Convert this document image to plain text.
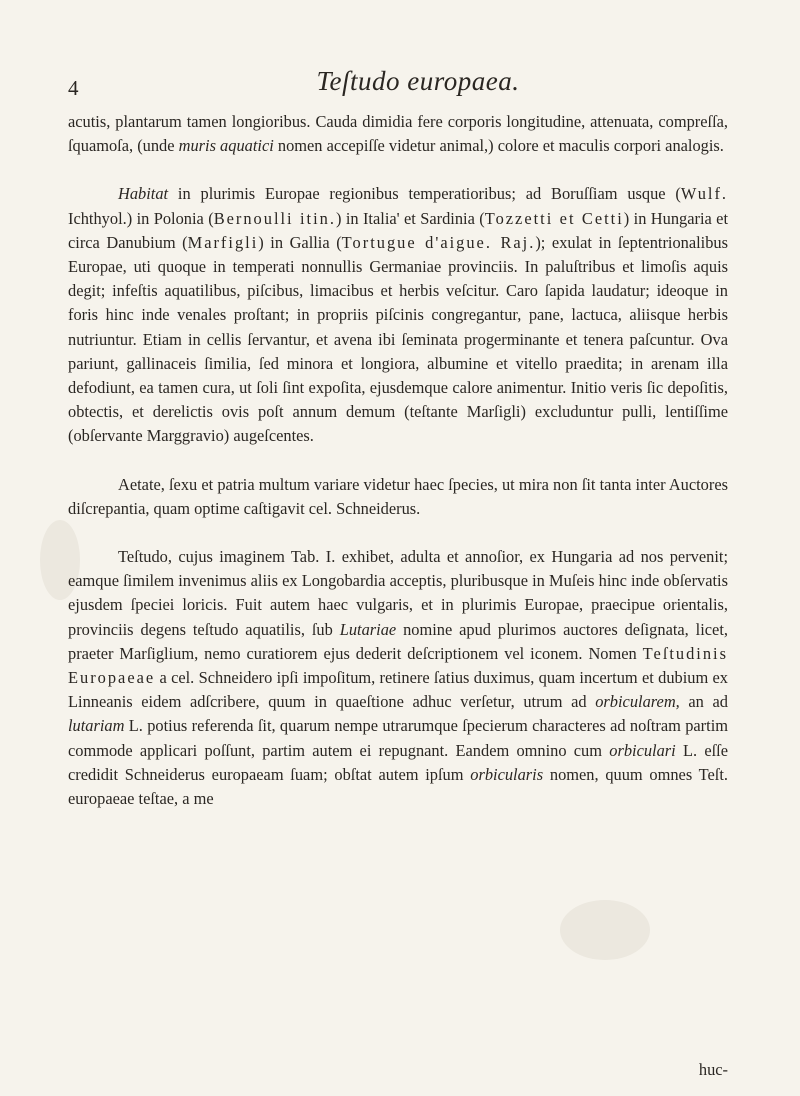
4	Teſtudo europaea.

acutis, plantarum tamen longioribus. Cauda dimidia fere corporis longitudine, attenuata, compreſſa, ſquamoſa, (unde muris aquatici nomen accepiſſe videtur animal,) colore et maculis corpori analogis.

Habitat in plurimis Europae regionibus temperatioribus; ad Boruſſiam usque (Wulf. Ichthyol.) in Polonia (Bernoulli itin.) in Italia' et Sardinia (Tozzetti et Cetti) in Hungaria et circa Danubium (Marfigli) in Gallia (Tortugue d'aigue. Raj.); exulat in ſeptentrionalibus Europae, uti quoque in temperati nonnullis Germaniae provinciis. In paluſtribus et limoſis aquis degit; infeſtis aquatilibus, piſcibus, limacibus et herbis veſcitur. Caro ſapida laudatur; ideoque in foris hinc inde venales proſtant; in propriis piſcinis congregantur, pane, lactuca, aliisque herbis nutriuntur. Etiam in cellis ſervantur, et avena ibi ſeminata progerminante et tenera paſcuntur. Ova pariunt, gallinaceis ſimilia, ſed minora et longiora, albumine et vitello praedita; in arenam illa defodiunt, ea tamen cura, ut ſoli ſint expoſita, ejusdemque calore animentur. Initio veris ſic depoſitis, obtectis, et derelictis ovis poſt annum demum (teſtante Marſigli) excluduntur pulli, lentiſſime (obſervante Marggravio) augeſcentes.

Aetate, ſexu et patria multum variare videtur haec ſpecies, ut mira non ſit tanta inter Auctores diſcrepantia, quam optime caſtigavit cel. Schneiderus.

Teſtudo, cujus imaginem Tab. I. exhibet, adulta et annoſior, ex Hungaria ad nos pervenit; eamque ſimilem invenimus aliis ex Longobardia acceptis, pluribusque in Muſeis hinc inde obſervatis ejusdem ſpeciei loricis. Fuit autem haec vulgaris, et in plurimis Europae, praecipue orientalis, provinciis degens teſtudo aquatilis, ſub Lutariae nomine apud plurimos auctores deſignata, licet, praeter Marſiglium, nemo curatiorem ejus dederit deſcriptionem vel iconem. Nomen Teſtudinis Europaeae a cel. Schneidero ipſi impoſitum, retinere ſatius duximus, quam incertum et dubium ex Linneanis eidem adſcribere, quum in quaeſtione adhuc verſetur, utrum ad orbicularem, an ad lutariam L. potius referenda ſit, quarum nempe utrarumque ſpecierum characteres ad noſtram partim commode applicari poſſunt, partim autem ei repugnant. Eandem omnino cum orbiculari L. eſſe credidit Schneiderus europaeam ſuam; obſtat autem ipſum orbicularis nomen, quum omnes Teſt. europaeae teſtae, a me

huc-
